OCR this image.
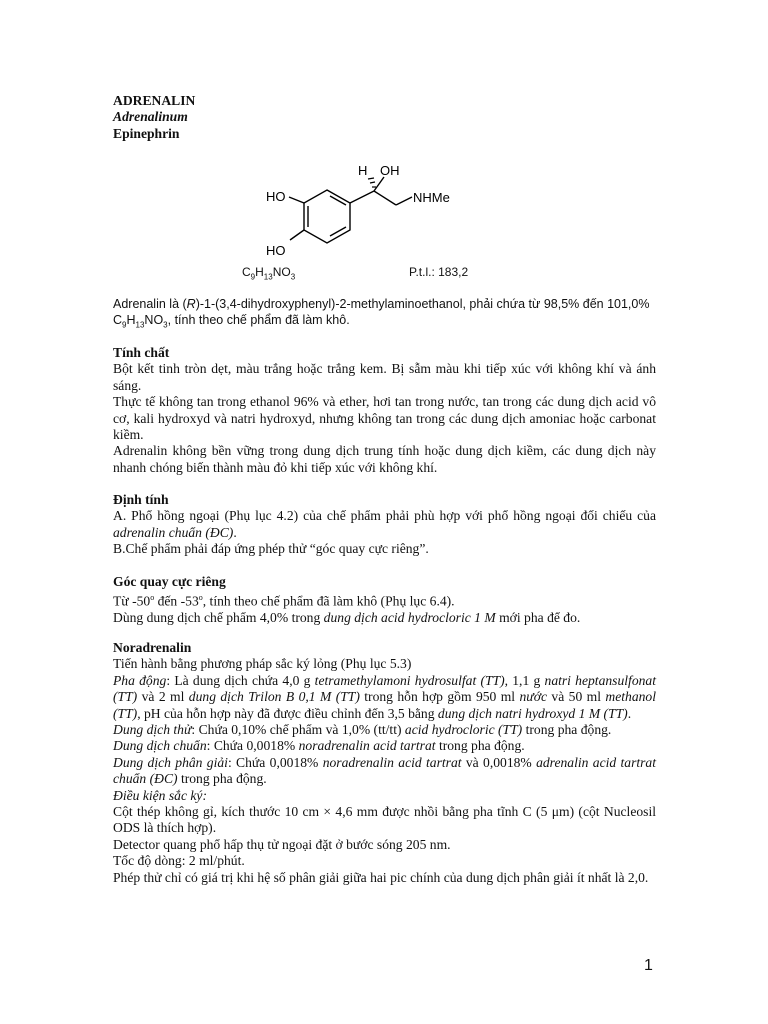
ADRENALIN

Adrenalinum

Epinephrin

H OH
HO
HO
NHMe
$C_9H_{13}NO_3$	P.t.l.: 183,2

Adrenalin là (R)-1-(3,4-dihydroxyphenyl)-2-methylaminoethanol, phải chứa từ 98,5% đến 101,0%

$C_9H_{13}NO_3$, tính theo chế phẩm đã làm khô.

Tính chất

Bột kết tinh tròn dẹt, màu trắng hoặc trắng kem. Bị sẫm màu khi tiếp xúc với không khí và ánh sáng.

Thực tế không tan trong ethanol 96% và ether, hơi tan trong nước, tan trong các dung dịch acid vô cơ, kali hydroxyd và natri hydroxyd, nhưng không tan trong các dung dịch amoniac hoặc carbonat kiềm.

Adrenalin không bền vững trong dung dịch trung tính hoặc dung dịch kiềm, các dung dịch này nhanh chóng biến thành màu đỏ khi tiếp xúc với không khí.

Định tính

A. Phổ hồng ngoại (Phụ lục 4.2) của chế phẩm phải phù hợp với phổ hồng ngoại đối chiếu của adrenalin chuẩn (ĐC).

B.Chế phẩm phải đáp ứng phép thử “góc quay cực riêng”.

Góc quay cực riêng

Từ -50$^o$ đến -53$^o$, tính theo chế phẩm đã làm khô (Phụ lục 6.4).

Dùng dung dịch chế phẩm 4,0% trong dung dịch acid hydrocloric 1 M mới pha để đo.

Noradrenalin

Tiến hành bằng phương pháp sắc ký lỏng (Phụ lục 5.3)

Pha động: Là dung dịch chứa 4,0 g tetramethylamoni hydrosulfat (TT), 1,1 g natri heptansulfonat (TT) và 2 ml dung dịch Trilon B 0,1 M (TT) trong hỗn hợp gồm 950 ml nước và 50 ml methanol (TT), pH của hỗn hợp này đã được điều chỉnh đến 3,5 bằng dung dịch natri hydroxyd 1 M (TT).

Dung dịch thử: Chứa 0,10% chế phẩm và 1,0% (tt/tt) acid hydrocloric (TT) trong pha động.

Dung dịch chuẩn: Chứa 0,0018% noradrenalin acid tartrat trong pha động.

Dung dịch phân giải: Chứa 0,0018% noradrenalin acid tartrat và 0,0018% adrenalin acid tartrat chuẩn (ĐC) trong pha động.

Điều kiện sắc ký:

Cột thép không gỉ, kích thước 10 cm × 4,6 mm được nhồi bằng pha tĩnh C (5 μm) (cột Nucleosil ODS là thích hợp).

Detector quang phổ hấp thụ tử ngoại đặt ở bước sóng 205 nm.

Tốc độ dòng: 2 ml/phút.

Phép thử chỉ có giá trị khi hệ số phân giải giữa hai pic chính của dung dịch phân giải ít nhất là 2,0.

1
